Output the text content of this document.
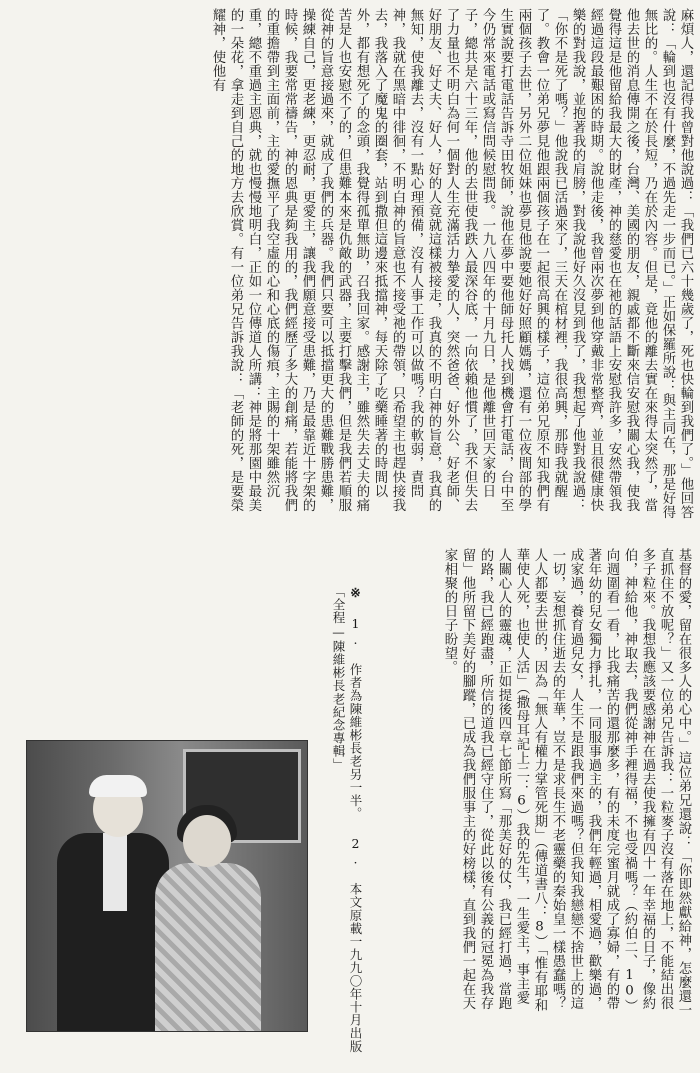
麻煩人，還記得我曾對他說過：「我們已六十幾歲了，死也快輪到我們了。」他回答說：「輪到也沒有什麼，不過先走一步而已。」正如保羅所說：與主同在，那是好得無比的。人生不在於長短，乃在於內容。但是，竟他的離去實在來得太突然了，當他去世的消息傳開之後，台灣、美國的朋友，親戚都不斷來信安慰我關心我，使我覺得這是他留給我最大的財產，神的慈愛也在祂的話語上安慰我許多，安然帶領我經過這段最艱困的時期。說他走後，我曾兩次夢到他穿戴非常整齊，並且很健康快樂的對我說，並抱著我的肩膀，對我說他好久沒見到我了，我想起了他對我說過：「你不是死了嗎？」他說我已活過來了，三天在棺材裡，我很高興，那時我就醒了。教會一位弟兄夢見他跟兩個孩子在一起很高興的樣子，這位弟兄原不知我們有兩個孩子去世，另外二位姐妹也夢見他說要她好好照顧媽媽，還有一位夜間部的學生實說要打電話告訴寺田牧師，說他在夢中要他師母托人找到機會打電話，台中至今仍常來電話或寫信問候慰問我。一九八四年的十月九日，是他離世回天家的日子，總共是六十三年，他的去世使我跌入最深谷底，一向依賴他慣了，我不但失去了力量也不明白為何一個對人生充滿活力摯愛的人，突然爸爸、好外公、好老師、好朋友、好丈夫、好人，好的人竟就這樣被接走，我真的不明白神的旨意，我真的無知，使我離去，沒有一點心理預備，沒有人事工作可以做嗎？我的軟弱，責問神，我就在黑暗中徘徊，不明白神的旨意也不接受祂的帶領，只希望主也趕快接我去，我落入了魔鬼的圈套，站到撒但這邊來抵擋神，每天除了吃藥睡著的時間以外，都有想死了的念頭，我覺得孤單無助，召我回家。感謝主，雖然失去丈夫的痛苦是人也安慰不了的，但患難本來是仇敵的武器，主要打擊我們，但是我們若順服從神的旨意接過來，就成了我們的兵器。我們只要可以抵擋更大的患難戰勝患難，操練自己，更老練，更忍耐，更愛主，讓我們願意接受患難，乃是最靠近十字架的時候，我要常常禱告，神的恩典是夠我用的，我們經歷了多大的創痛，若能將我們的重擔帶到主面前，主的愛撫平了我空虛的心和心底的傷痕，主賜的十架雖然沉重，總不重過主恩典，就也慢慢地明白，正如一位傳道人所講：神是將那園中最美的一朵花，拿走到自己的地方去欣賞。有一位弟兄告訴我說：「老師的死，是要榮耀神，使他有
基督的愛，留在很多人的心中。」這位弟兄還說：「你即然獻給神，怎麼還一直抓住不放呢？」又一位弟兄告訴我：一粒麥子沒有落在地上，不能結出很多子粒來。我想我應該要感謝神在過去使我擁有四十一年幸福的日子，像約伯，神給他，神取去，我們從神手裡得福，不也受禍嗎？（約伯二、10）向週圍看一看，比我痛苦的還那麼多，有的未度完蜜月就成了寡婦，有的帶著年幼的兒女獨力掙扎，一同服事過主的，我們年輕過，相愛過，歡樂過，成家過，養育過兒女，人生不是跟我們來過嗎？但我知我戀戀不捨世上的這一切，妄想抓住逝去的年華，豈不是求長生不老靈藥的秦始皇一樣愚蠢嗎？人人都要去世的，因為「無人有權力掌管死期」（傳道書八：8）「惟有耶和華使人死，也使人活」（撒母耳記上二：6）我的先生，一生愛主，事主愛人關心人的靈魂，正如提後四章七節所寫「那美好的仗，我已經打過，當跑的路，我已經跑盡，所信的道我已經守住了，從此以後有公義的冠冕為我存留」他所留下美好的腳蹤，已成為我們服事主的好榜樣，直到我們一起在天家相聚的日子盼望。
※ 1. 作者為陳維彬長老另一半。 2. 本文原載一九九〇年十月出版「全程—陳維彬長老紀念專輯」
